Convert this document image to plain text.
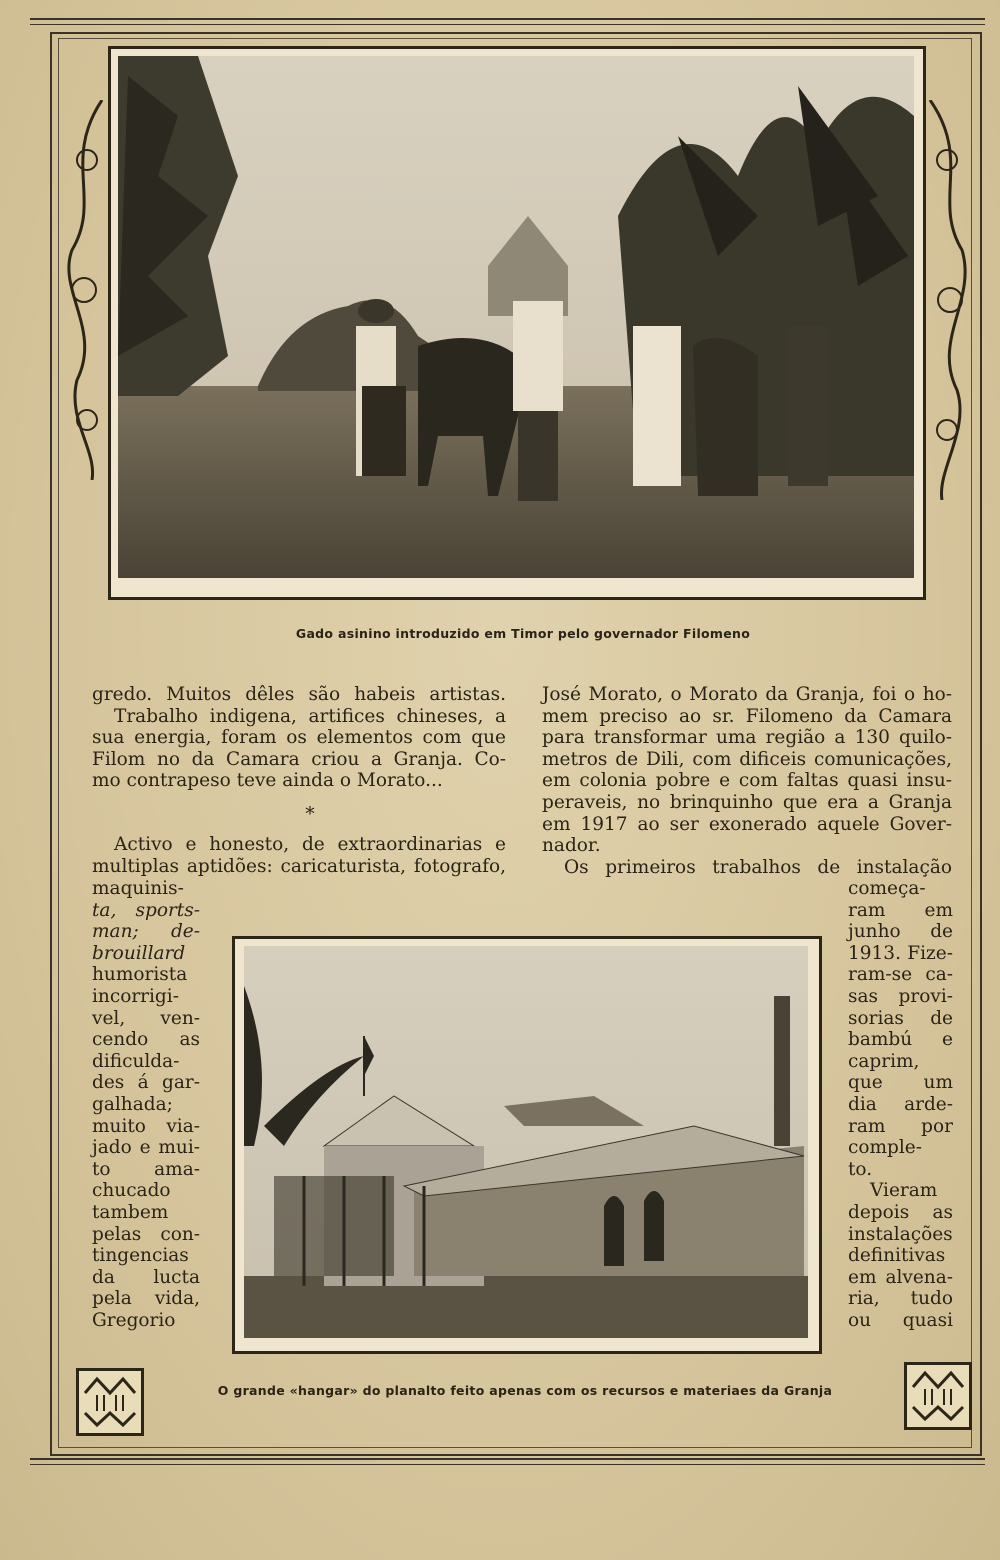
Gado asinino introduzido em Timor pelo governador Filomeno
gredo. Muitos dêles são habeis artistas.
Trabalho indigena, artifices chineses, a
sua energia, foram os elementos com que
Filom no da Camara criou a Granja. Co-
mo contrapeso teve ainda o Morato...
*
Activo e honesto, de extraordinarias e
multiplas aptidões: caricaturista, fotografo,
maquinis-
ta, sports-
man; de-
brouillard
humorista
incorrigi-
vel, ven-
cendo as
dificulda-
des á gar-
galhada;
muito via-
jado e mui-
to ama-
chucado
tambem
pelas con-
tingencias
da lucta
pela vida,
Gregorio
José Morato, o Morato da Granja, foi o ho-
mem preciso ao sr. Filomeno da Camara
para transformar uma região a 130 quilo-
metros de Dili, com dificeis comunicações,
em colonia pobre e com faltas quasi insu-
peraveis, no brinquinho que era a Granja
em 1917 ao ser exonerado aquele Gover-
nador.
Os primeiros trabalhos de instalação
começa-
ram em
junho de
1913. Fize-
ram-se ca-
sas provi-
sorias de
bambú e
caprim,
que um
dia arde-
ram por
comple-
to.
Vieram
depois as
instalações
definitivas
em alvena-
ria, tudo
ou quasi
O grande «hangar» do planalto feito apenas com os recursos e materiaes da Granja
